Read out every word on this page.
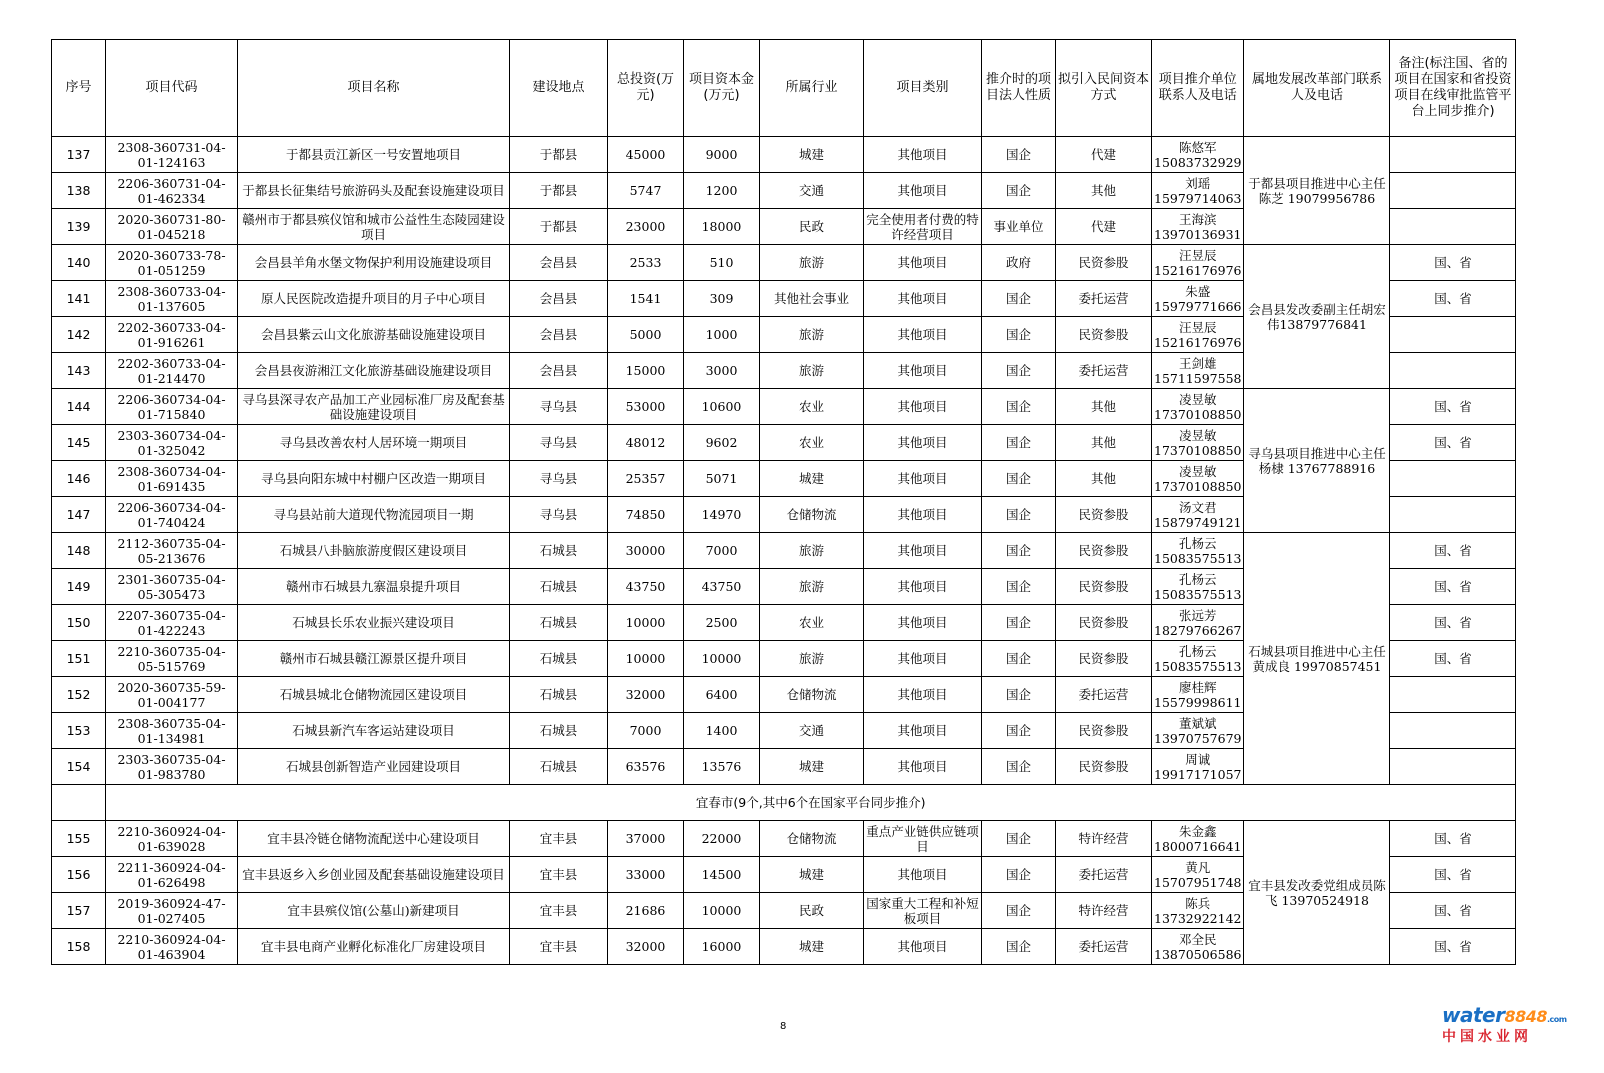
序号	项目代码	项目名称	建设地点	总投资(万元)	项目资本金(万元)	所属行业	项目类别	推介时的项目法人性质	拟引入民间资本方式	项目推介单位联系人及电话	属地发展改革部门联系人及电话	备注(标注国、省的项目在国家和省投资项目在线审批监管平台上同步推介)
137	2308-360731-04-01-124163	于都县贡江新区一号安置地项目	于都县	45000	9000	城建	其他项目	国企	代建	陈悠军 15083732929	于都县项目推进中心主任陈芝 19079956786	
138	2206-360731-04-01-462334	于都县长征集结号旅游码头及配套设施建设项目	于都县	5747	1200	交通	其他项目	国企	其他	刘瑶 15979714063		
139	2020-360731-80-01-045218	赣州市于都县殡仪馆和城市公益性生态陵园建设项目	于都县	23000	18000	民政	完全使用者付费的特许经营项目	事业单位	代建	王海滨 13970136931		
140	2020-360733-78-01-051259	会昌县羊角水堡文物保护利用设施建设项目	会昌县	2533	510	旅游	其他项目	政府	民资参股	汪昱辰 15216176976	会昌县发改委副主任胡宏伟13879776841	国、省
141	2308-360733-04-01-137605	原人民医院改造提升项目的月子中心项目	会昌县	1541	309	其他社会事业	其他项目	国企	委托运营	朱盛 15979771666		国、省
142	2202-360733-04-01-916261	会昌县紫云山文化旅游基础设施建设项目	会昌县	5000	1000	旅游	其他项目	国企	民资参股	汪昱辰 15216176976		
143	2202-360733-04-01-214470	会昌县夜游湘江文化旅游基础设施建设项目	会昌县	15000	3000	旅游	其他项目	国企	委托运营	王剑雄 15711597558		
144	2206-360734-04-01-715840	寻乌县深寻农产品加工产业园标准厂房及配套基础设施建设项目	寻乌县	53000	10600	农业	其他项目	国企	其他	凌昱敏 17370108850	寻乌县项目推进中心主任杨棣 13767788916	国、省
145	2303-360734-04-01-325042	寻乌县改善农村人居环境一期项目	寻乌县	48012	9602	农业	其他项目	国企	其他	凌昱敏 17370108850		国、省
146	2308-360734-04-01-691435	寻乌县向阳东城中村棚户区改造一期项目	寻乌县	25357	5071	城建	其他项目	国企	其他	凌昱敏 17370108850		
147	2206-360734-04-01-740424	寻乌县站前大道现代物流园项目一期	寻乌县	74850	14970	仓储物流	其他项目	国企	民资参股	汤文君 15879749121		
148	2112-360735-04-05-213676	石城县八卦脑旅游度假区建设项目	石城县	30000	7000	旅游	其他项目	国企	民资参股	孔杨云 15083575513	石城县项目推进中心主任黄成良 19970857451	国、省
149	2301-360735-04-05-305473	赣州市石城县九寨温泉提升项目	石城县	43750	43750	旅游	其他项目	国企	民资参股	孔杨云 15083575513		国、省
150	2207-360735-04-01-422243	石城县长乐农业振兴建设项目	石城县	10000	2500	农业	其他项目	国企	民资参股	张远芳 18279766267		国、省
151	2210-360735-04-05-515769	赣州市石城县赣江源景区提升项目	石城县	10000	10000	旅游	其他项目	国企	民资参股	孔杨云 15083575513		国、省
152	2020-360735-59-01-004177	石城县城北仓储物流园区建设项目	石城县	32000	6400	仓储物流	其他项目	国企	委托运营	廖桂辉 15579998611		
153	2308-360735-04-01-134981	石城县新汽车客运站建设项目	石城县	7000	1400	交通	其他项目	国企	民资参股	董斌斌 13970757679		
154	2303-360735-04-01-983780	石城县创新智造产业园建设项目	石城县	63576	13576	城建	其他项目	国企	民资参股	周诚 19917171057		
	宜春市(9个,其中6个在国家平台同步推介)											
155	2210-360924-04-01-639028	宜丰县冷链仓储物流配送中心建设项目	宜丰县	37000	22000	仓储物流	重点产业链供应链项目	国企	特许经营	朱金鑫 18000716641	宜丰县发改委党组成员陈飞 13970524918	国、省
156	2211-360924-04-01-626498	宜丰县返乡入乡创业园及配套基础设施建设项目	宜丰县	33000	14500	城建	其他项目	国企	委托运营	黄凡 15707951748		国、省
157	2019-360924-47-01-027405	宜丰县殡仪馆(公墓山)新建项目	宜丰县	21686	10000	民政	国家重大工程和补短板项目	国企	特许经营	陈兵 13732922142		国、省
158	2210-360924-04-01-463904	宜丰县电商产业孵化标准化厂房建设项目	宜丰县	32000	16000	城建	其他项目	国企	委托运营	邓全民 13870506586		国、省
8	water8848.com
中国水业网
